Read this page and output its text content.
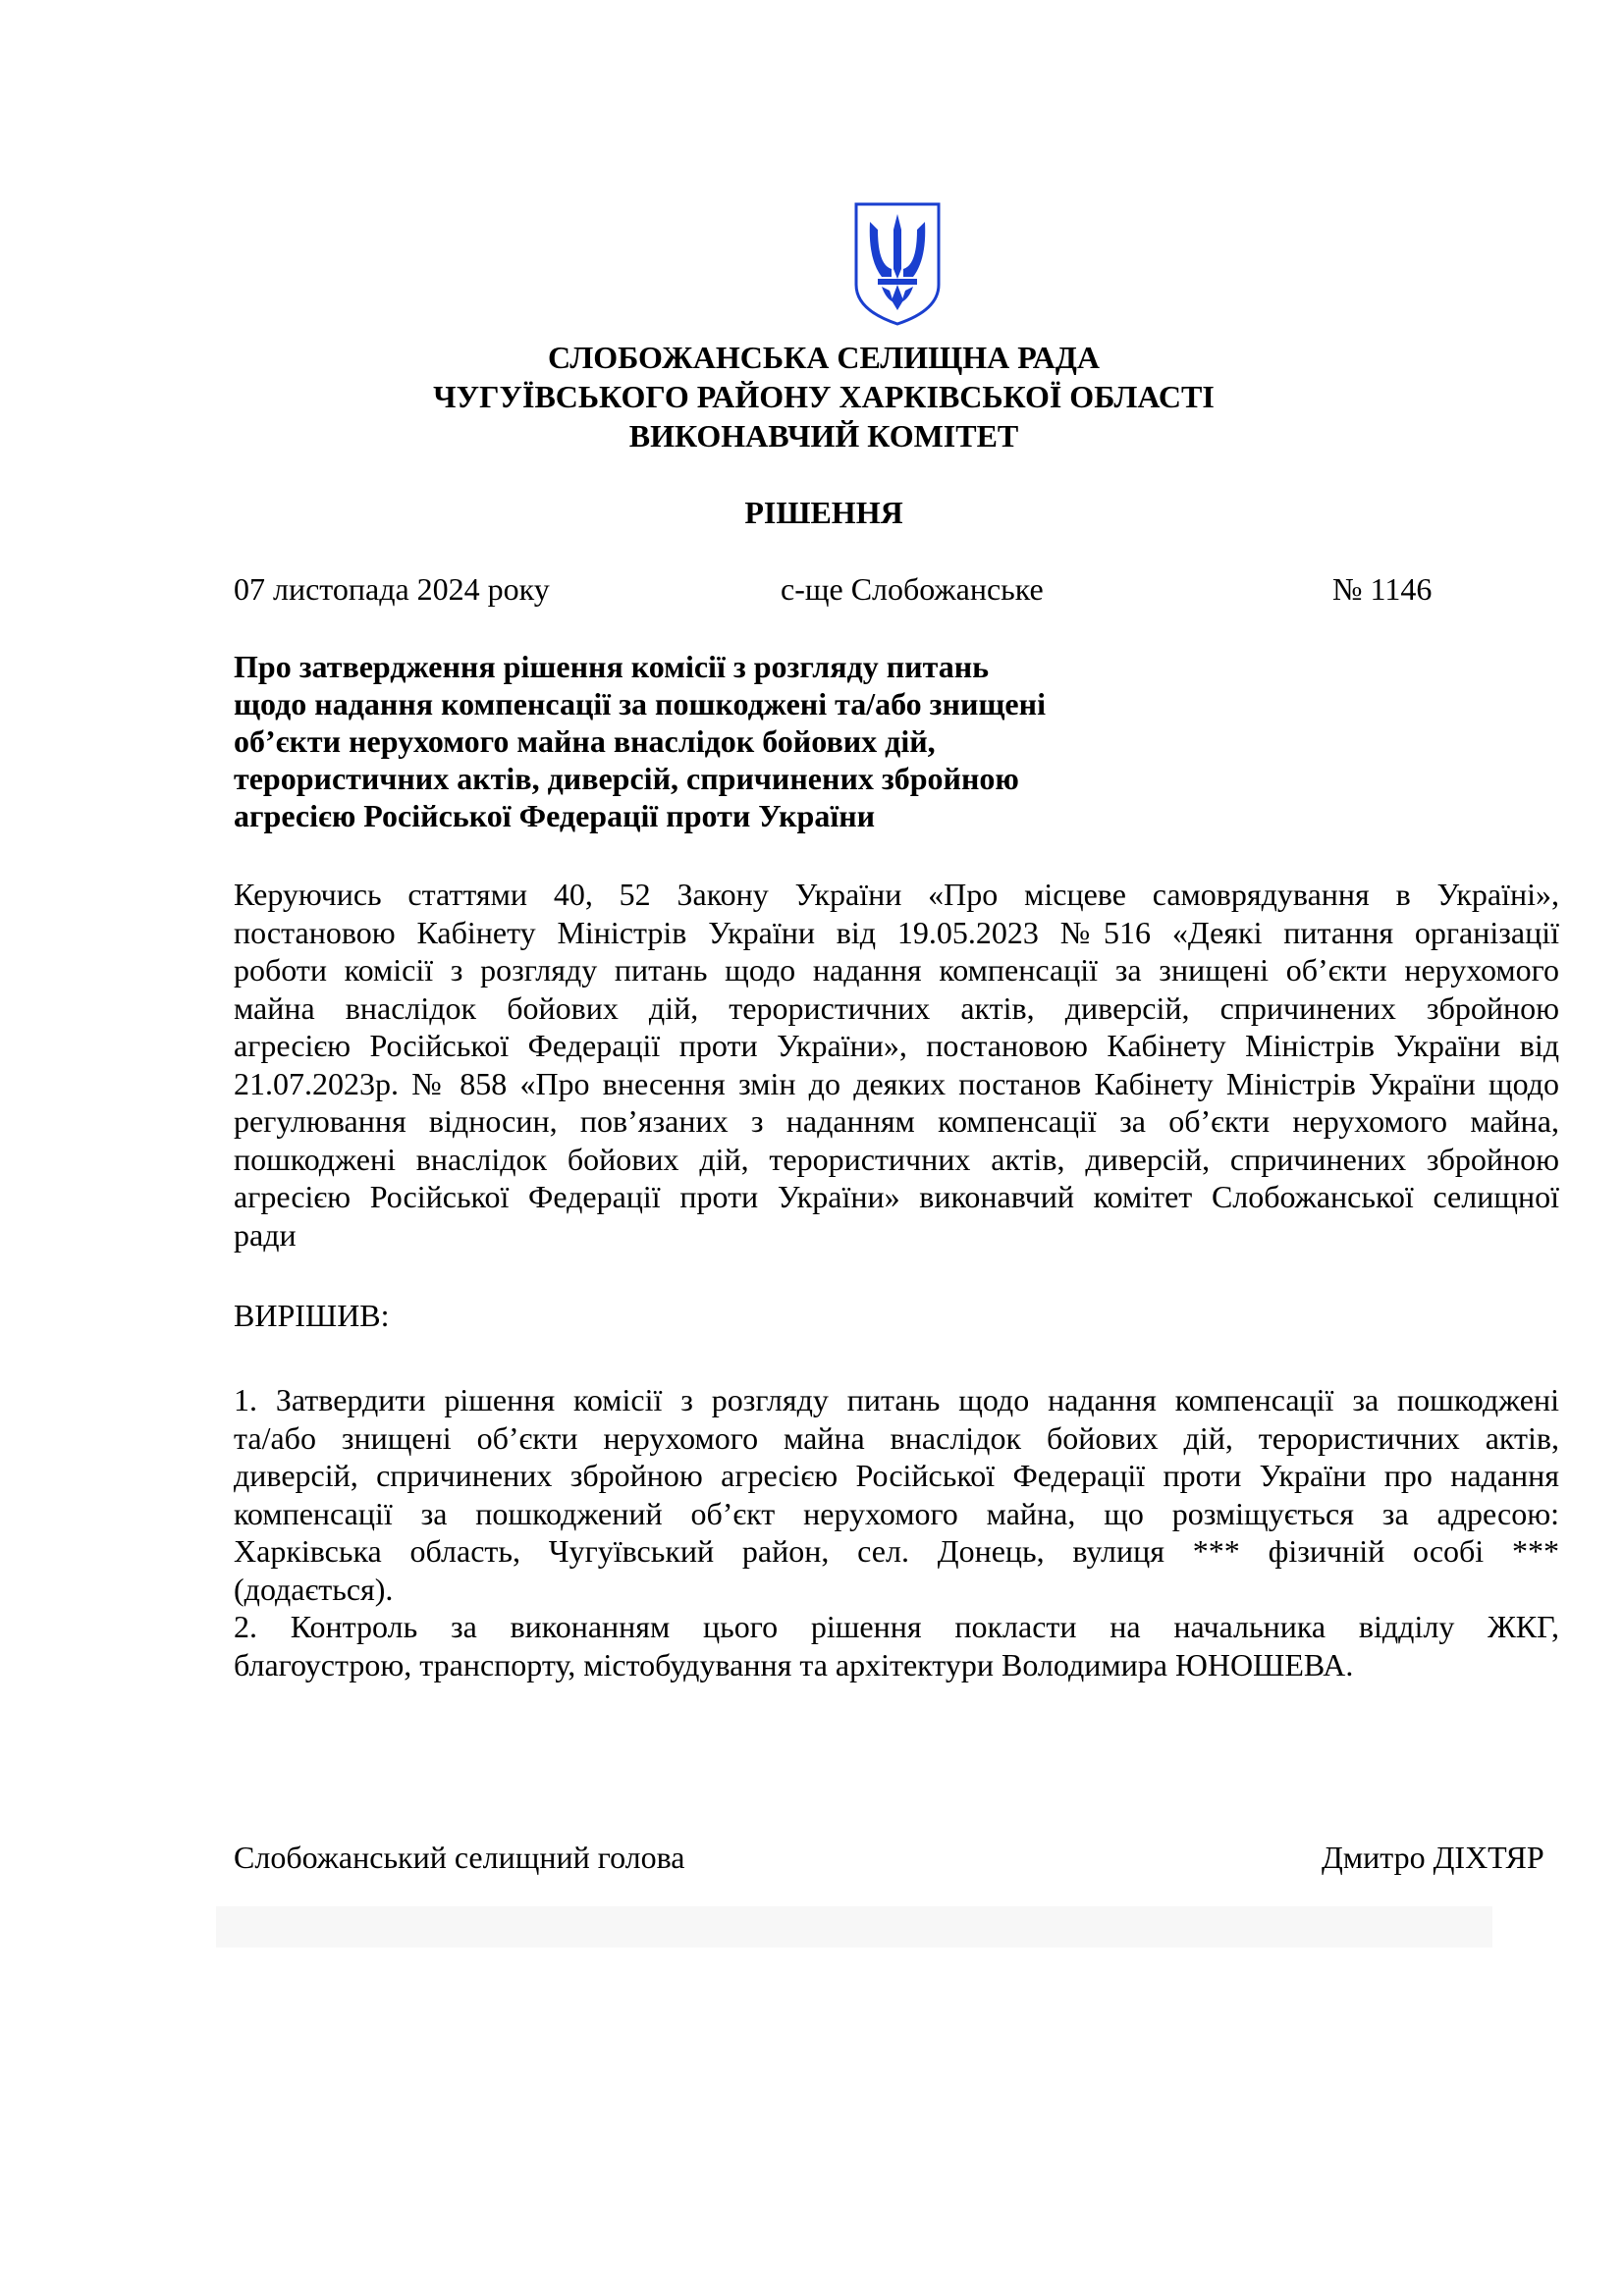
СЛОБОЖАНСЬКА СЕЛИЩНА РАДА
ЧУГУЇВСЬКОГО РАЙОНУ ХАРКІВСЬКОЇ ОБЛАСТІ
ВИКОНАВЧИЙ КОМІТЕТ
РІШЕННЯ
07 листопада 2024 року	с-ще Слобожанське	№ 1146
Про затвердження рішення комісії з розгляду питань
щодо надання компенсації за пошкоджені та/або знищені
об’єкти нерухомого майна внаслідок бойових дій,
терористичних актів, диверсій, спричинених збройною
агресією Російської Федерації проти України
Керуючись статтями 40, 52 Закону України «Про місцеве самоврядування в Україні»,
постановою Кабінету Міністрів України від 19.05.2023 №516 «Деякі питання організації
роботи комісії з розгляду питань щодо надання компенсації за знищені об’єкти нерухомого
майна внаслідок бойових дій, терористичних актів, диверсій, спричинених збройною
агресією Російської Федерації проти України», постановою Кабінету Міністрів України від
21.07.2023р. № 858 «Про внесення змін до деяких постанов Кабінету Міністрів України щодо
регулювання відносин, пов’язаних з наданням компенсації за об’єкти нерухомого майна,
пошкоджені внаслідок бойових дій, терористичних актів, диверсій, спричинених збройною
агресією Російської Федерації проти України» виконавчий комітет Слобожанської селищної
ради
ВИРІШИВ:
1. Затвердити рішення комісії з розгляду питань щодо надання компенсації за пошкоджені
та/або знищені об’єкти нерухомого майна внаслідок бойових дій, терористичних актів,
диверсій, спричинених збройною агресією Російської Федерації проти України про надання
компенсації за пошкоджений об’єкт нерухомого майна, що розміщується за адресою:
Харківська область, Чугуївський район, сел. Донець, вулиця *** фізичній особі ***
(додається).
2. Контроль за виконанням цього рішення покласти на начальника відділу ЖКГ,
благоустрою, транспорту, містобудування та архітектури Володимира ЮНОШЕВА.
Слобожанський селищний голова	Дмитро ДІХТЯР
